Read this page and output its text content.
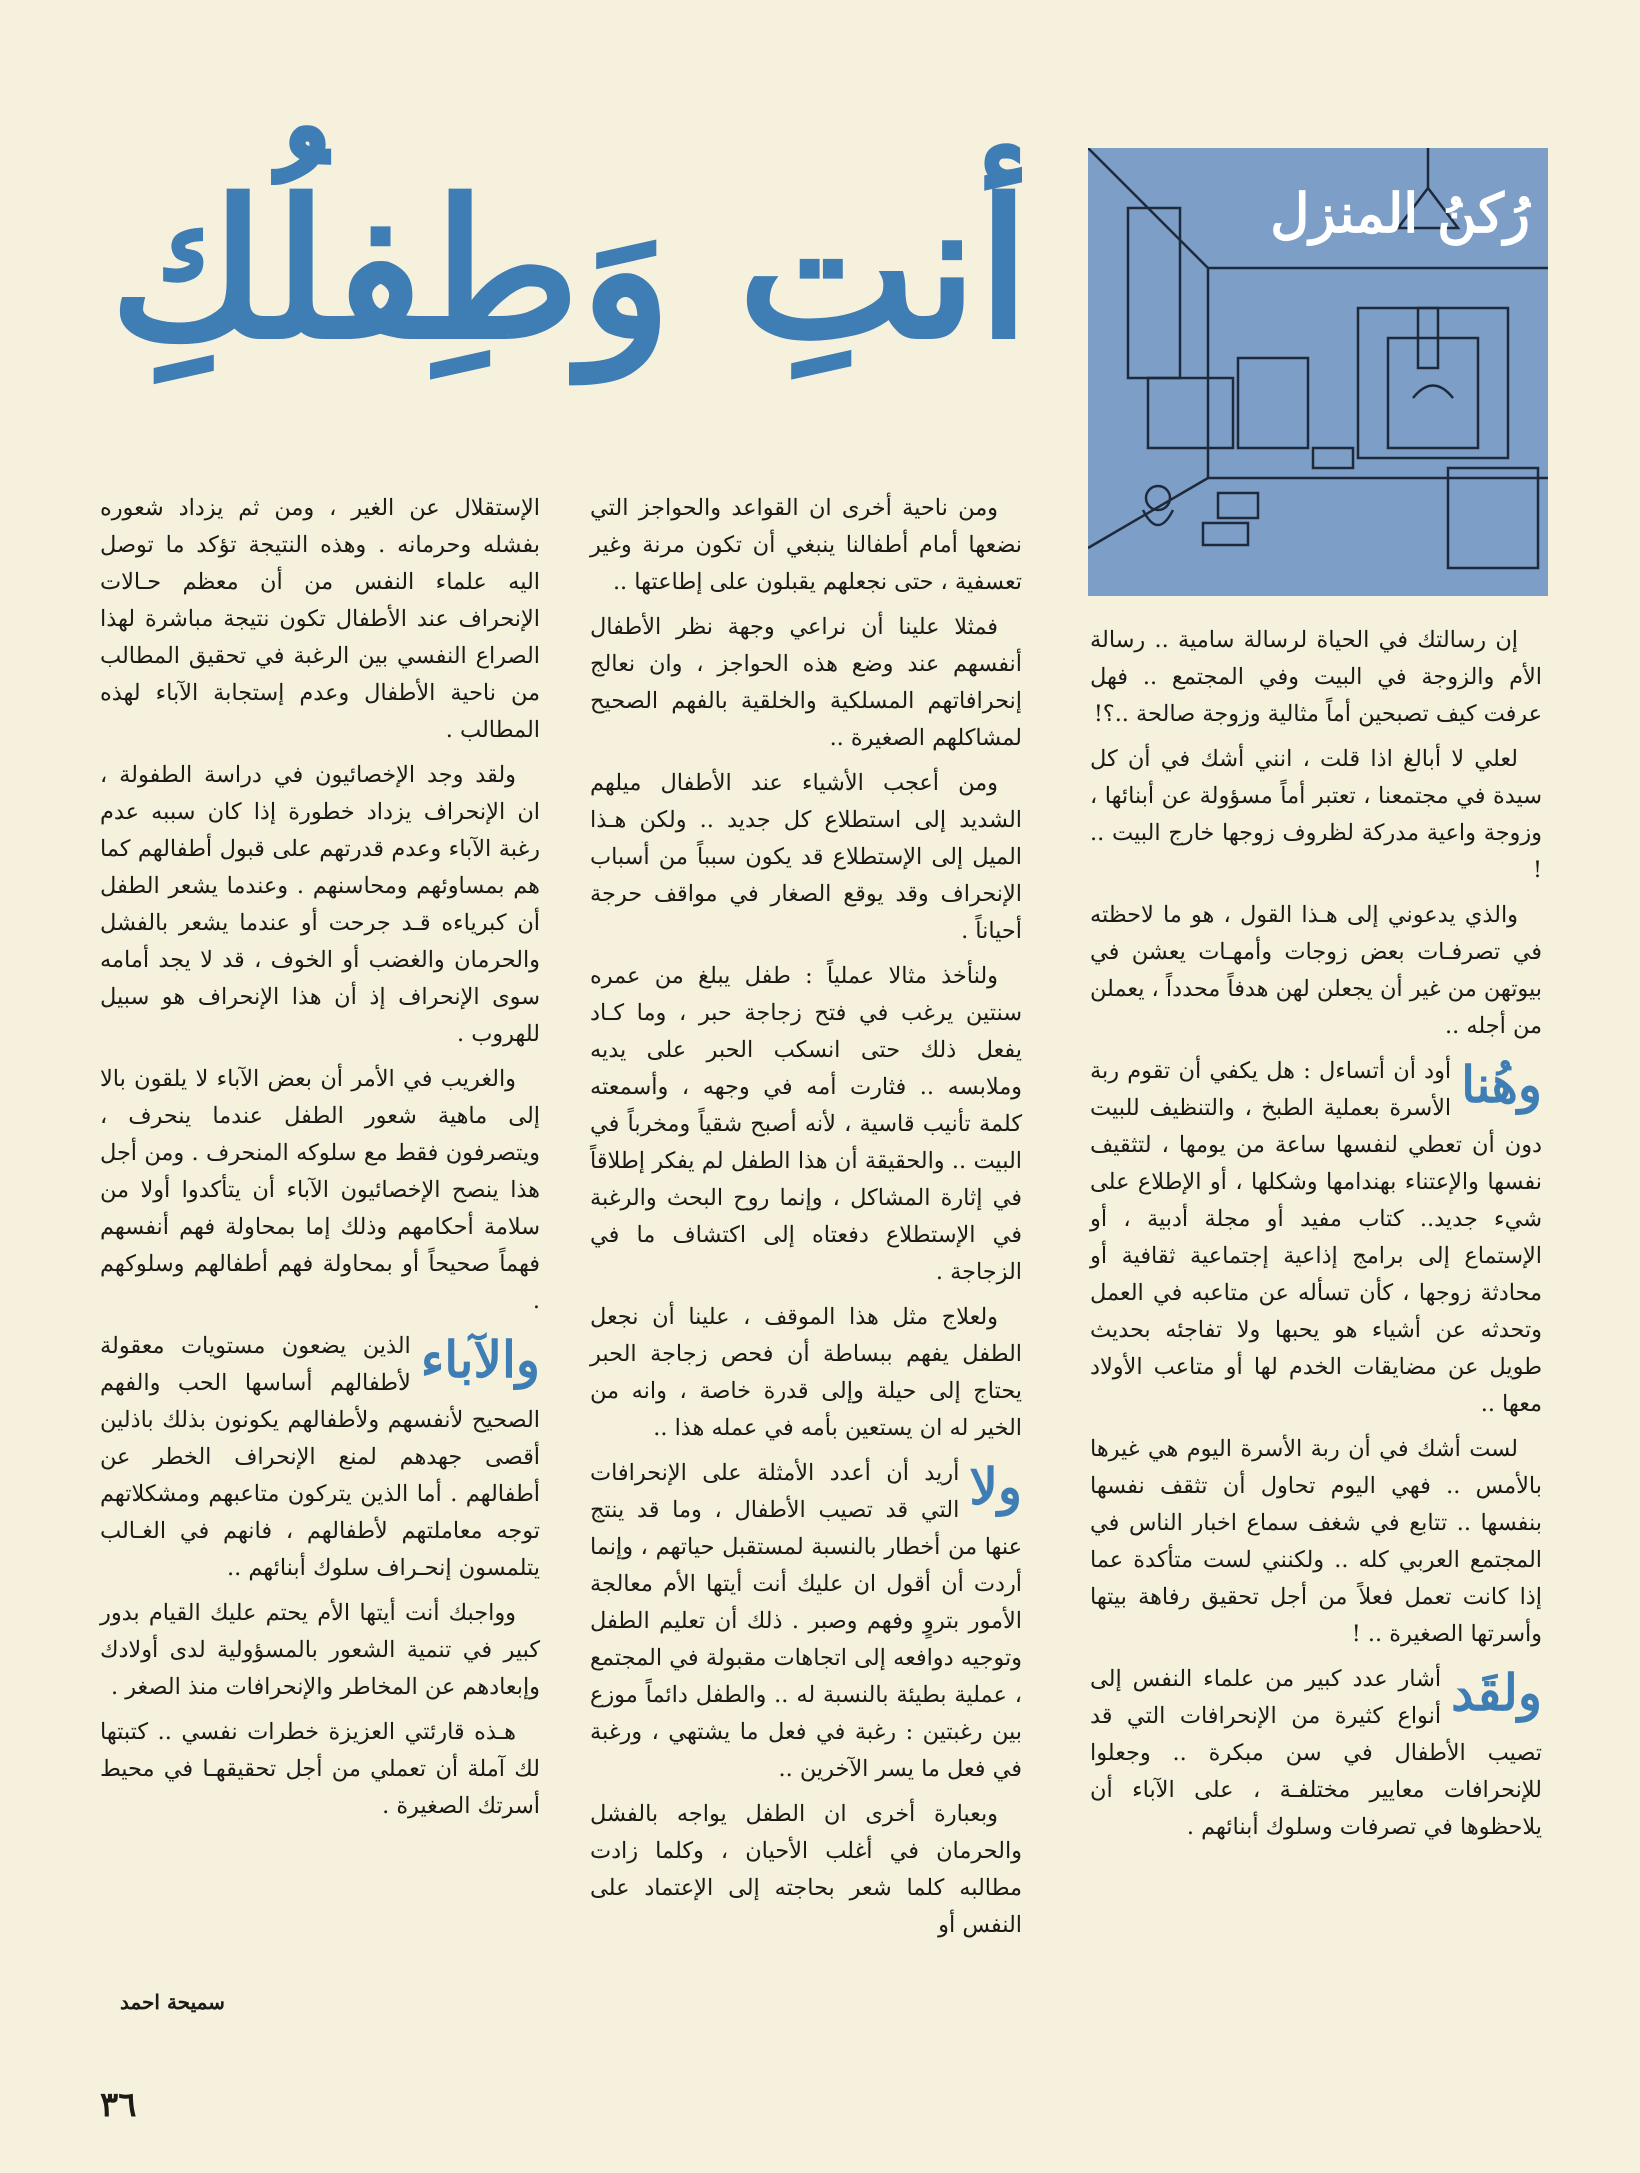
أنتِ وَطِفلُكِ	رُكنُ المنزل

إن رسالتك في الحياة لرسالة سامية .. رسالة الأم والزوجة في البيت وفي المجتمع .. فهل عرفت كيف تصبحين أماً مثالية وزوجة صالحة ..؟!

لعلي لا أبالغ اذا قلت ، انني أشك في أن كل سيدة في مجتمعنا ، تعتبر أماً مسؤولة عن أبنائها ، وزوجة واعية مدركة لظروف زوجها خارج البيت .. !

والذي يدعوني إلى هـذا القول ، هو ما لاحظته في تصرفـات بعض زوجات وأمهـات يعشن في بيوتهن من غير أن يجعلن لهن هدفاً محدداً ، يعملن من أجله ..

وهُنا
أود أن أتساءل : هل يكفي أن تقوم ربة الأسرة بعملية الطبخ ، والتنظيف للبيت دون أن تعطي لنفسها ساعة من يومها ، لتثقيف نفسها والإعتناء بهندامها وشكلها ، أو الإطلاع على شيء جديد.. كتاب مفيد أو مجلة أدبية ، أو الإستماع إلى برامج إذاعية إجتماعية ثقافية أو محادثة زوجها ، كأن تسأله عن متاعبه في العمل وتحدثه عن أشياء هو يحبها ولا تفاجئه بحديث طويل عن مضايقات الخدم لها أو متاعب الأولاد معها ..

لست أشك في أن ربة الأسرة اليوم هي غيرها بالأمس .. فهي اليوم تحاول أن تثقف نفسها بنفسها .. تتابع في شغف سماع اخبار الناس في المجتمع العربي كله .. ولكنني لست متأكدة عما إذا كانت تعمل فعلاً من أجل تحقيق رفاهة بيتها وأسرتها الصغيرة .. !

ولقَد
أشار عدد كبير من علماء النفس إلى أنواع كثيرة من الإنحرافات التي قد تصيب الأطفال في سن مبكرة .. وجعلوا للإنحرافات معايير مختلفـة ، على الآباء أن يلاحظوها في تصرفات وسلوك أبنائهم .

ومن ناحية أخرى ان القواعد والحواجز التي نضعها أمام أطفالنا ينبغي أن تكون مرنة وغير تعسفية ، حتى نجعلهم يقبلون على إطاعتها ..

فمثلا علينا أن نراعي وجهة نظر الأطفال أنفسهم عند وضع هذه الحواجز ، وان نعالج إنحرافاتهم المسلكية والخلقية بالفهم الصحيح لمشاكلهم الصغيرة ..

ومن أعجب الأشياء عند الأطفال ميلهم الشديد إلى استطلاع كل جديد .. ولكن هـذا الميل إلى الإستطلاع قد يكون سبباً من أسباب الإنحراف وقد يوقع الصغار في مواقف حرجة أحياناً .

ولنأخذ مثالا عملياً : طفل يبلغ من عمره سنتين يرغب في فتح زجاجة حبر ، وما كـاد يفعل ذلك حتى انسكب الحبر على يديه وملابسه .. فثارت أمه في وجهه ، وأسمعته كلمة تأنيب قاسية ، لأنه أصبح شقياً ومخرباً في البيت .. والحقيقة أن هذا الطفل لم يفكر إطلاقاً في إثارة المشاكل ، وإنما روح البحث والرغبة في الإستطلاع دفعتاه إلى اكتشاف ما في الزجاجة .

ولعلاج مثل هذا الموقف ، علينا أن نجعل الطفل يفهم ببساطة أن فحص زجاجة الحبر يحتاج إلى حيلة وإلى قدرة خاصة ، وانه من الخير له ان يستعين بأمه في عمله هذا ..

ولا
أريد أن أعدد الأمثلة على الإنحرافات التي قد تصيب الأطفال ، وما قد ينتج عنها من أخطار بالنسبة لمستقبل حياتهم ، وإنما أردت أن أقول ان عليك أنت أيتها الأم معالجة الأمور بتروٍ وفهم وصبر . ذلك أن تعليم الطفل وتوجيه دوافعه إلى اتجاهات مقبولة في المجتمع ، عملية بطيئة بالنسبة له .. والطفل دائماً موزع بين رغبتين : رغبة في فعل ما يشتهي ، ورغبة في فعل ما يسر الآخرين ..

وبعبارة أخرى ان الطفل يواجه بالفشل والحرمان في أغلب الأحيان ، وكلما زادت مطالبه كلما شعر بحاجته إلى الإعتماد على النفس أو

الإستقلال عن الغير ، ومن ثم يزداد شعوره بفشله وحرمانه . وهذه النتيجة تؤكد ما توصل اليه علماء النفس من أن معظم حـالات الإنحراف عند الأطفال تكون نتيجة مباشرة لهذا الصراع النفسي بين الرغبة في تحقيق المطالب من ناحية الأطفال وعدم إستجابة الآباء لهذه المطالب .

ولقد وجد الإخصائيون في دراسة الطفولة ، ان الإنحراف يزداد خطورة إذا كان سببه عدم رغبة الآباء وعدم قدرتهم على قبول أطفالهم كما هم بمساوئهم ومحاسنهم . وعندما يشعر الطفل أن كبرياءه قـد جرحت أو عندما يشعر بالفشل والحرمان والغضب أو الخوف ، قد لا يجد أمامه سوى الإنحراف إذ أن هذا الإنحراف هو سبيل للهروب .

والغريب في الأمر أن بعض الآباء لا يلقون بالا إلى ماهية شعور الطفل عندما ينحرف ، ويتصرفون فقط مع سلوكه المنحرف . ومن أجل هذا ينصح الإخصائيون الآباء أن يتأكدوا أولا من سلامة أحكامهم وذلك إما بمحاولة فهم أنفسهم فهماً صحيحاً أو بمحاولة فهم أطفالهم وسلوكهم .

والآباء
الذين يضعون مستويات معقولة لأطفالهم أساسها الحب والفهم الصحيح لأنفسهم ولأطفالهم يكونون بذلك باذلين أقصى جهدهم لمنع الإنحراف الخطر عن أطفالهم . أما الذين يتركون متاعبهم ومشكلاتهم توجه معاملتهم لأطفالهم ، فانهم في الغـالب يتلمسون إنحـراف سلوك أبنائهم ..

وواجبك أنت أيتها الأم يحتم عليك القيام بدور كبير في تنمية الشعور بالمسؤولية لدى أولادك وإبعادهم عن المخاطر والإنحرافات منذ الصغر .

هـذه قارئتي العزيزة خطرات نفسي .. كتبتها لك آملة أن تعملي من أجل تحقيقهـا في محيط أسرتك الصغيرة .

سميحة احمد
٣٦
